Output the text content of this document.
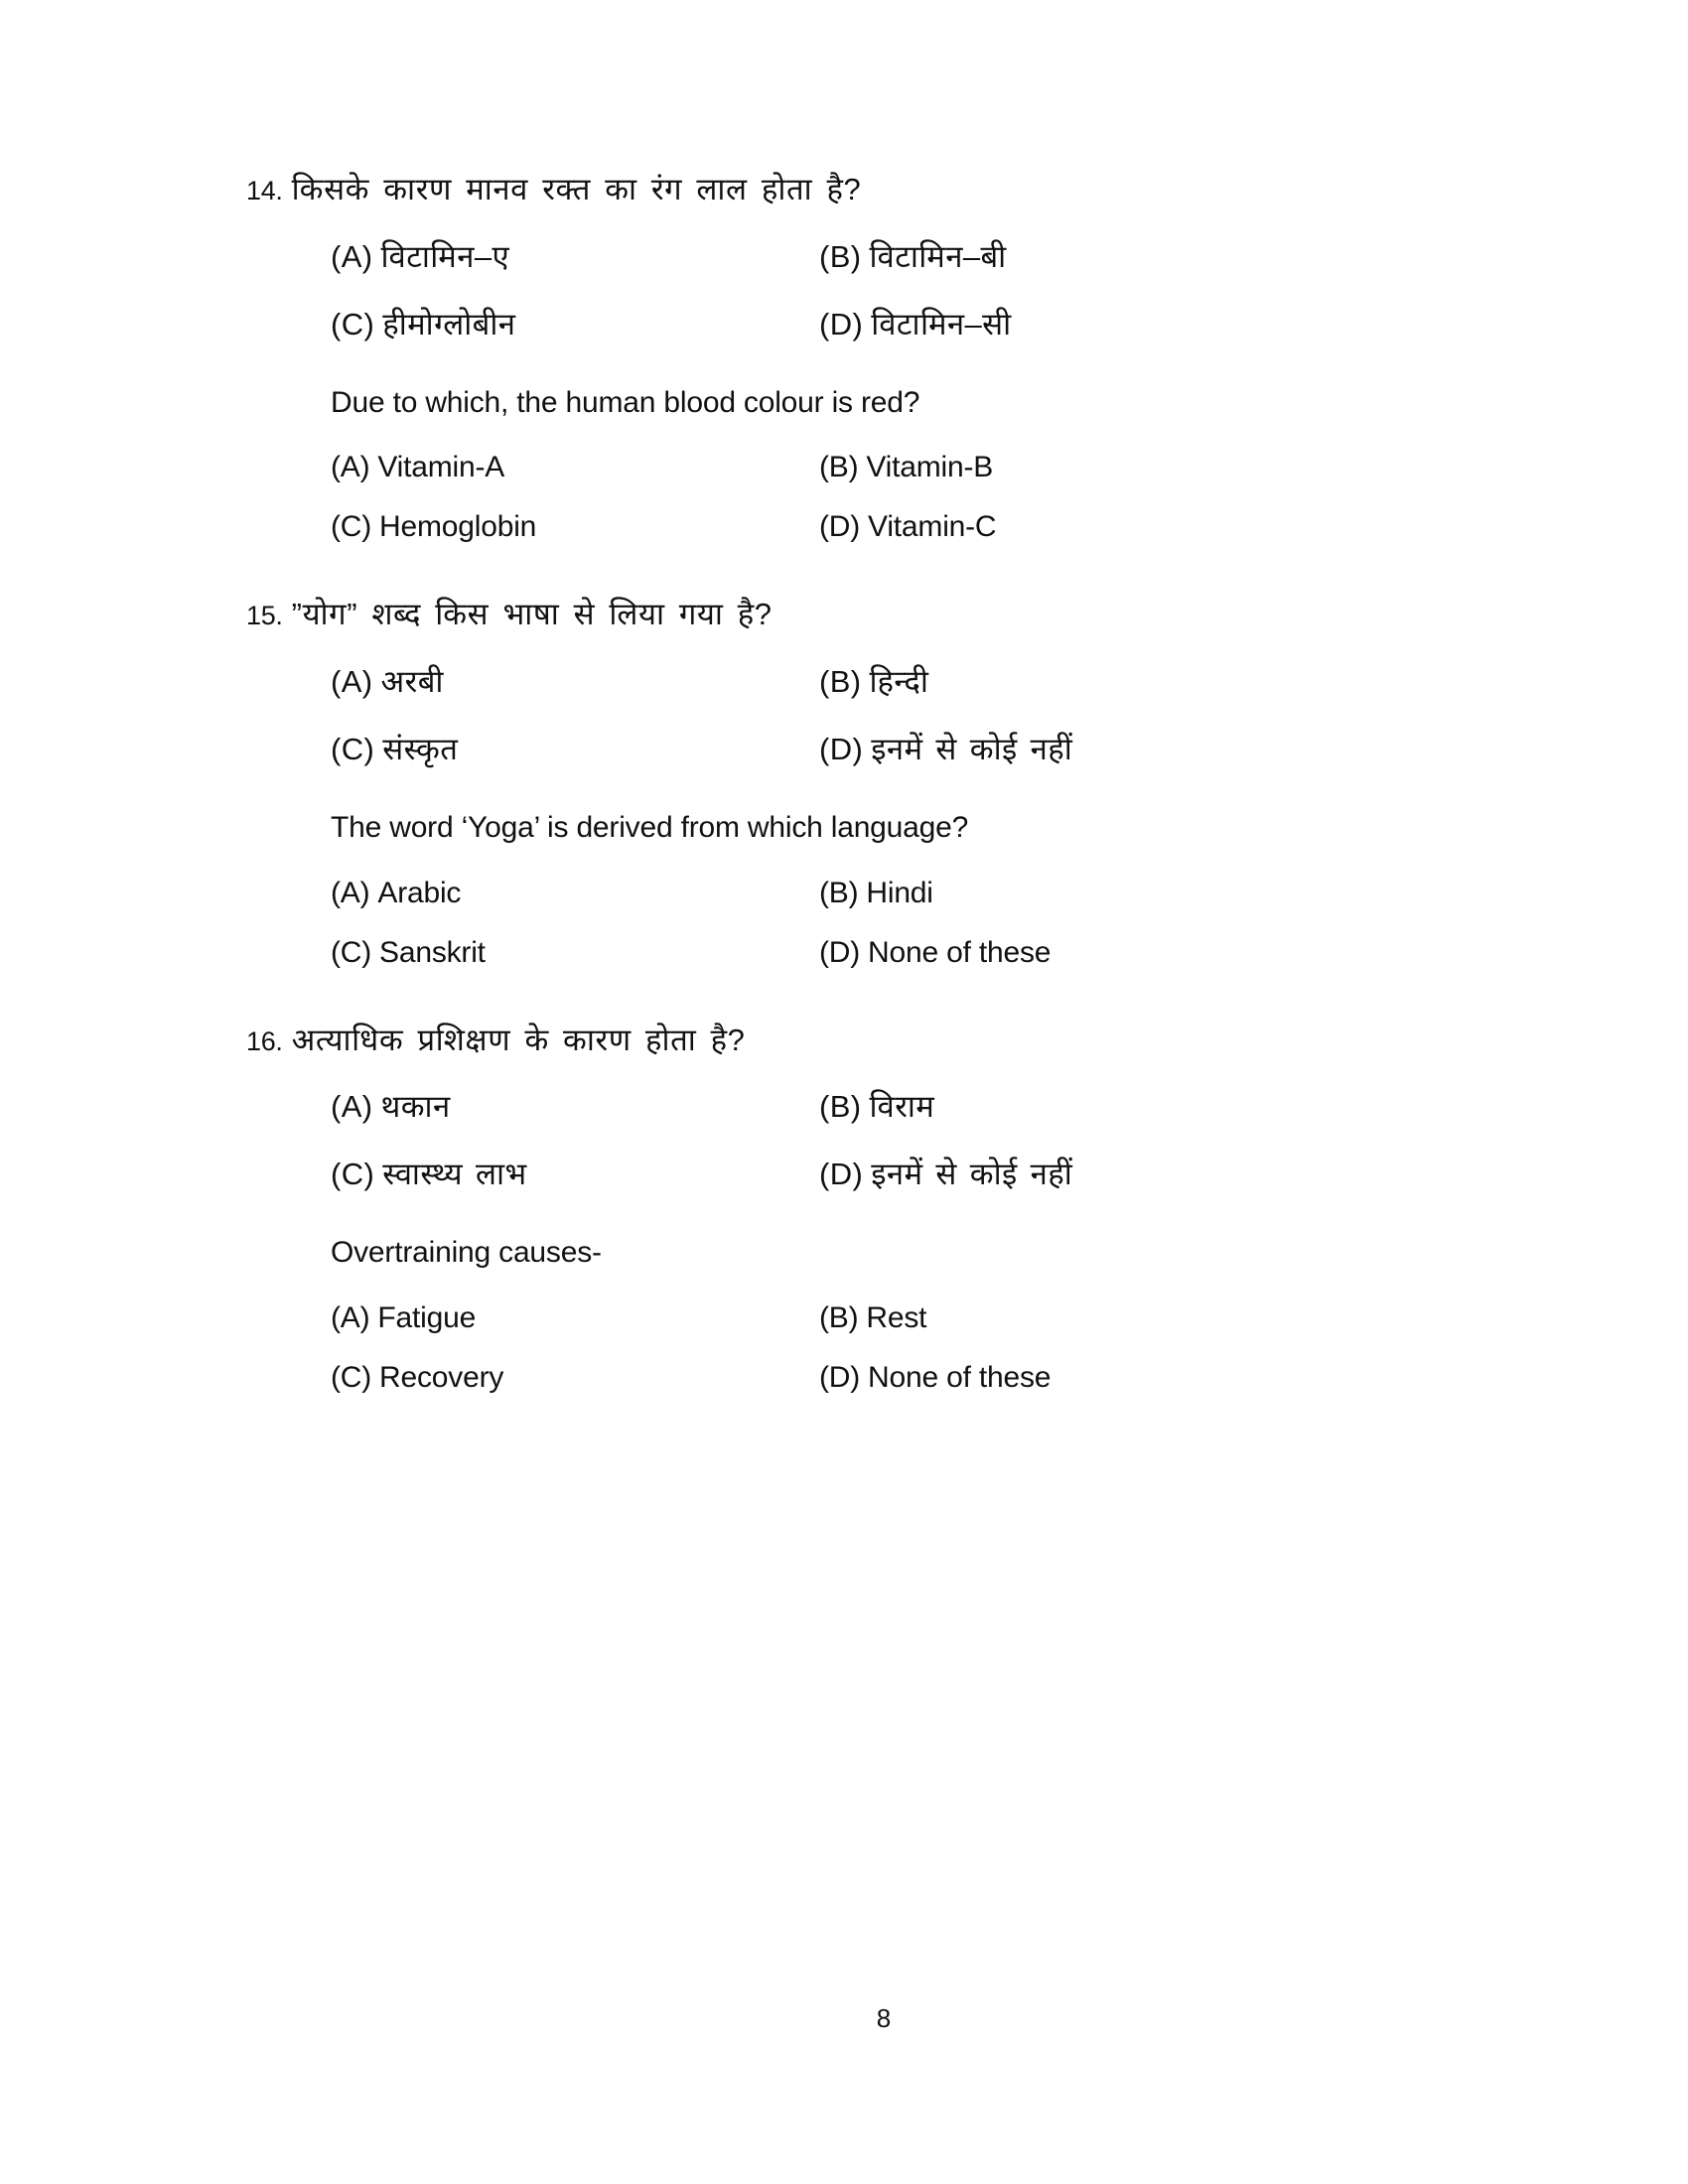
14. किसके कारण मानव रक्त का रंग लाल होता है?
(A) विटामिन–ए	(B) विटामिन–बी
(C) हीमोग्लोबीन	(D) विटामिन–सी
Due to which, the human blood colour is red?
(A) Vitamin-A	(B) Vitamin-B
(C) Hemoglobin	(D) Vitamin-C
15. ”योग” शब्द किस भाषा से लिया गया है?
(A) अरबी	(B) हिन्दी
(C) संस्कृत	(D) इनमें से कोई नहीं
The word ‘Yoga’ is derived from which language?
(A) Arabic	(B) Hindi
(C) Sanskrit	(D) None of these
16. अत्याधिक प्रशिक्षण के कारण होता है?
(A) थकान	(B) विराम
(C) स्वास्थ्य लाभ	(D) इनमें से कोई नहीं
Overtraining causes-
(A) Fatigue	(B) Rest
(C) Recovery	(D) None of these
8
